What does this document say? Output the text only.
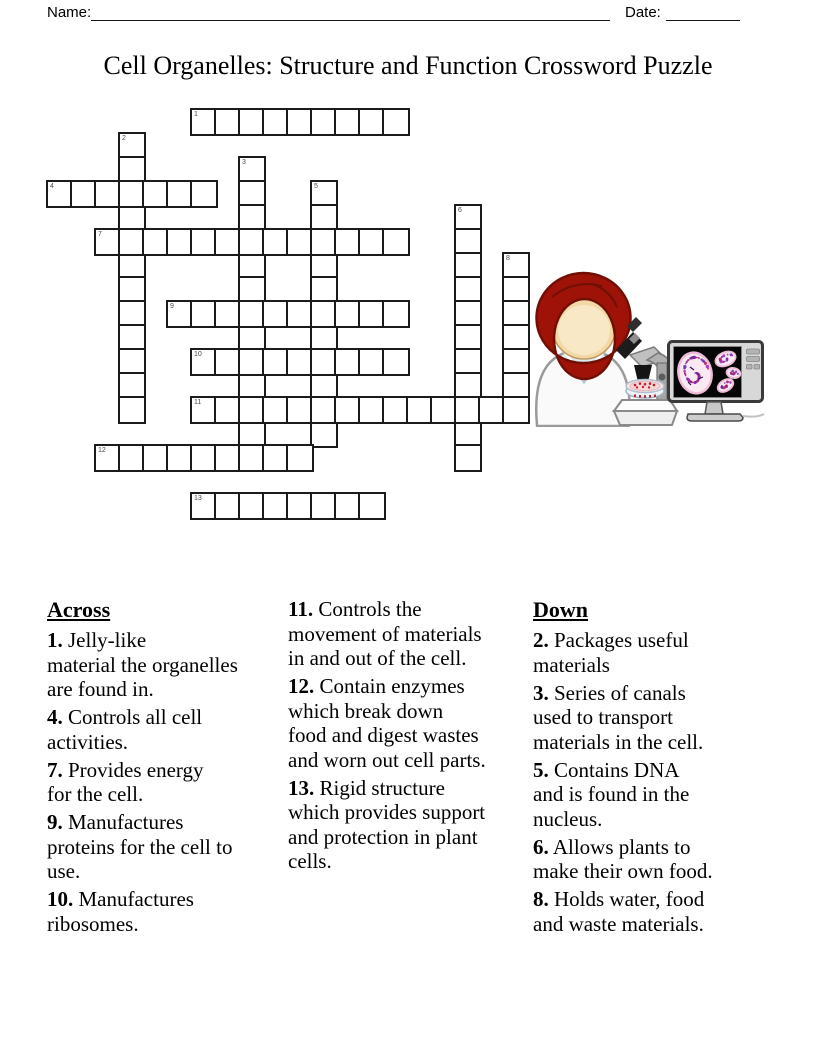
Name:	Date:
Cell Organelles: Structure and Function Crossword Puzzle
1
2
3
4	5
6
7
8
9
10
11
12
13
Across
1. Jelly-like
material the organelles
are found in.
4. Controls all cell
activities.
7. Provides energy
for the cell.
9. Manufactures
proteins for the cell to
use.
10. Manufactures
ribosomes.
11. Controls the
movement of materials
in and out of the cell.
12. Contain enzymes
which break down
food and digest wastes
and worn out cell parts.
13. Rigid structure
which provides support
and protection in plant
cells.
Down
2. Packages useful
materials
3. Series of canals
used to transport
materials in the cell.
5. Contains DNA
and is found in the
nucleus.
6. Allows plants to
make their own food.
8. Holds water, food
and waste materials.
